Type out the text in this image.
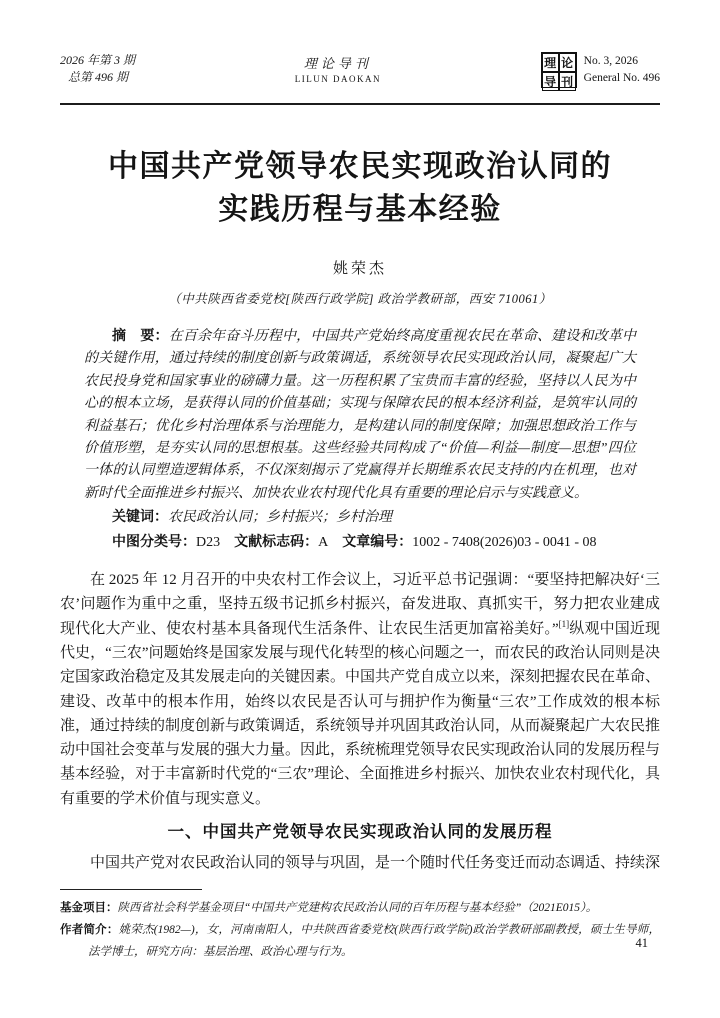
2026 年第 3 期
总第 496 期
理论导刊
LILUN DAOKAN
理 论
导 刊
No. 3, 2026
General No. 496
中国共产党领导农民实现政治认同的
实践历程与基本经验
姚荣杰
（中共陕西省委党校[陕西行政学院] 政治学教研部，西安 710061）

摘　要：在百余年奋斗历程中，中国共产党始终高度重视农民在革命、建设和改革中的关键作用，通过持续的制度创新与政策调适，系统领导农民实现政治认同，凝聚起广大农民投身党和国家事业的磅礴力量。这一历程积累了宝贵而丰富的经验，坚持以人民为中心的根本立场，是获得认同的价值基础；实现与保障农民的根本经济利益，是筑牢认同的利益基石；优化乡村治理体系与治理能力，是构建认同的制度保障；加强思想政治工作与价值形塑，是夯实认同的思想根基。这些经验共同构成了“价值—利益—制度—思想”四位一体的认同塑造逻辑体系，不仅深刻揭示了党赢得并长期维系农民支持的内在机理，也对新时代全面推进乡村振兴、加快农业农村现代化具有重要的理论启示与实践意义。

关键词：农民政治认同；乡村振兴；乡村治理

中图分类号：D23 文献标志码：A 文章编号：1002 - 7408(2026)03 - 0041 - 08

在 2025 年 12 月召开的中央农村工作会议上，习近平总书记强调：“要坚持把解决好‘三农’问题作为重中之重，坚持五级书记抓乡村振兴，奋发进取、真抓实干，努力把农业建成现代化大产业、使农村基本具备现代生活条件、让农民生活更加富裕美好。”[1]纵观中国近现代史，“三农”问题始终是国家发展与现代化转型的核心问题之一，而农民的政治认同则是决定国家政治稳定及其发展走向的关键因素。中国共产党自成立以来，深刻把握农民在革命、建设、改革中的根本作用，始终以农民是否认可与拥护作为衡量“三农”工作成效的根本标准，通过持续的制度创新与政策调适，系统领导并巩固其政治认同，从而凝聚起广大农民推动中国社会变革与发展的强大力量。因此，系统梳理党领导农民实现政治认同的发展历程与基本经验，对于丰富新时代党的“三农”理论、全面推进乡村振兴、加快农业农村现代化，具有重要的学术价值与现实意义。

一、中国共产党领导农民实现政治认同的发展历程

中国共产党对农民政治认同的领导与巩固，是一个随时代任务变迁而动态调适、持续深

基金项目：陕西省社会科学基金项目“中国共产党建构农民政治认同的百年历程与基本经验”（2021E015）。

作者简介：姚荣杰(1982—)，女，河南南阳人，中共陕西省委党校(陕西行政学院)政治学教研部副教授，硕士生导师，法学博士，研究方向：基层治理、政治心理与行为。

41
